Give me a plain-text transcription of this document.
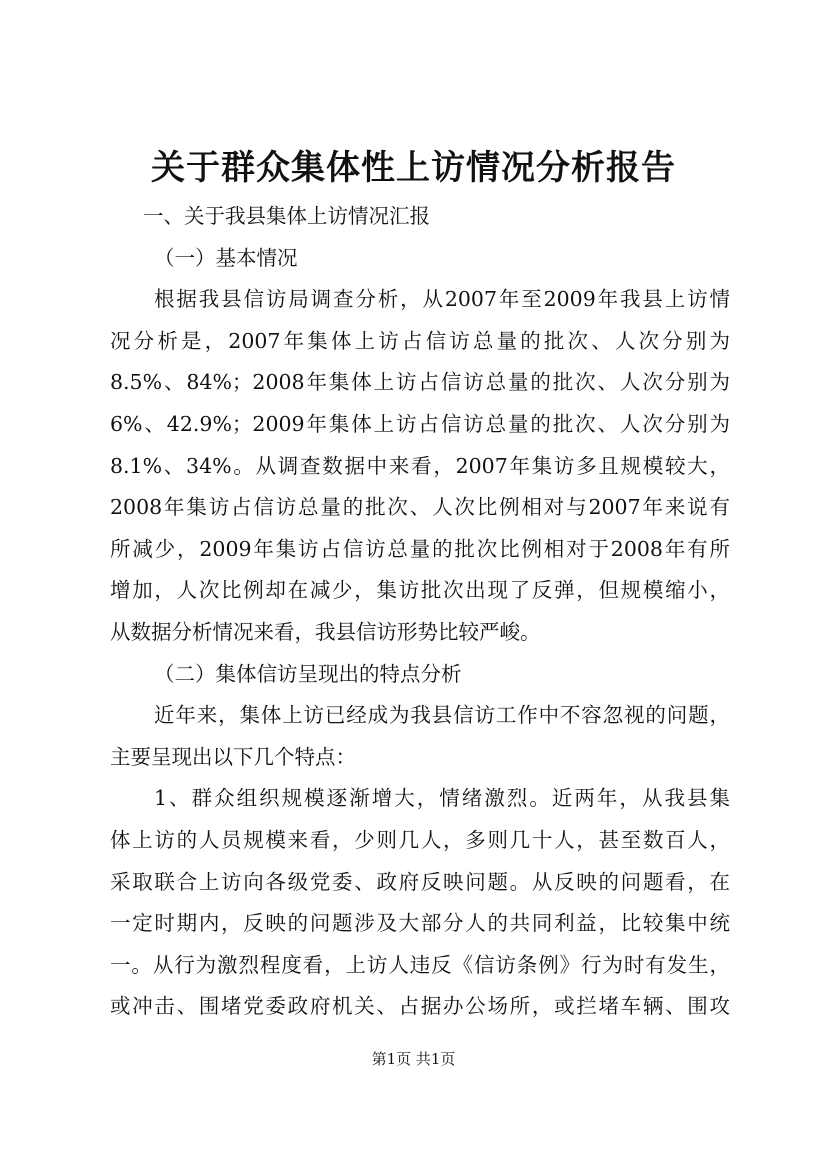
关于群众集体性上访情况分析报告

一、关于我县集体上访情况汇报

（一）基本情况

根据我县信访局调查分析，从2007年至2009年我县上访情

况分析是，2007年集体上访占信访总量的批次、人次分别为

8.5%、84%；2008年集体上访占信访总量的批次、人次分别为

6%、42.9%；2009年集体上访占信访总量的批次、人次分别为

8.1%、34%。从调查数据中来看，2007年集访多且规模较大，

2008年集访占信访总量的批次、人次比例相对与2007年来说有

所减少，2009年集访占信访总量的批次比例相对于2008年有所

增加，人次比例却在减少，集访批次出现了反弹，但规模缩小，

从数据分析情况来看，我县信访形势比较严峻。

（二）集体信访呈现出的特点分析

近年来，集体上访已经成为我县信访工作中不容忽视的问题，

主要呈现出以下几个特点：

1、群众组织规模逐渐增大，情绪激烈。近两年，从我县集

体上访的人员规模来看，少则几人，多则几十人，甚至数百人，

采取联合上访向各级党委、政府反映问题。从反映的问题看，在

一定时期内，反映的问题涉及大部分人的共同利益，比较集中统

一。从行为激烈程度看，上访人违反《信访条例》行为时有发生，

或冲击、围堵党委政府机关、占据办公场所，或拦堵车辆、围攻

第1页 共1页
